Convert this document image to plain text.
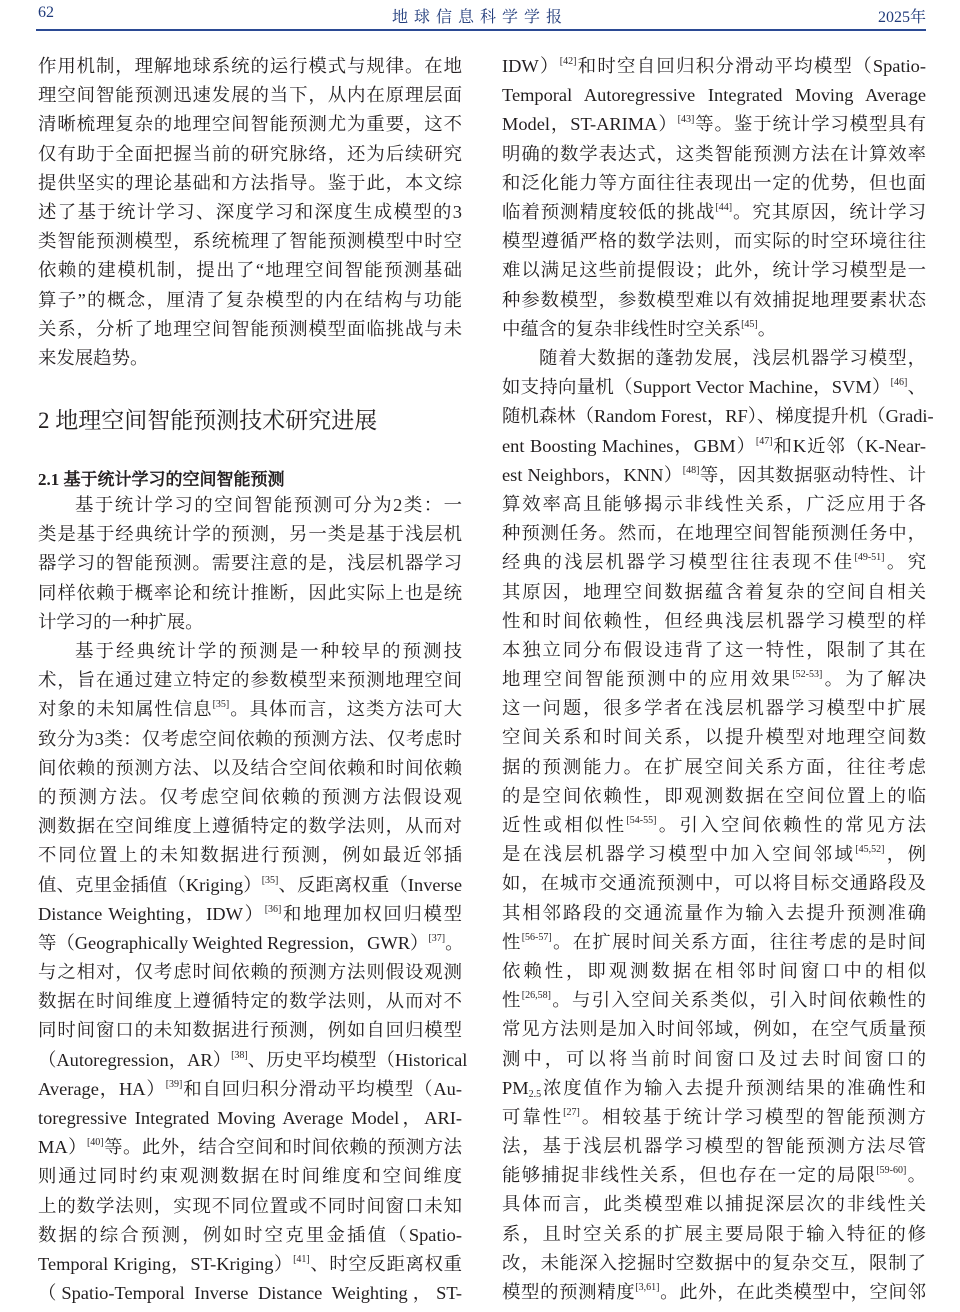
62	地球信息科学学报	2025年
作用机制，理解地球系统的运行模式与规律。在地
理空间智能预测迅速发展的当下，从内在原理层面
清晰梳理复杂的地理空间智能预测尤为重要，这不
仅有助于全面把握当前的研究脉络，还为后续研究
提供坚实的理论基础和方法指导。鉴于此，本文综
述了基于统计学习、深度学习和深度生成模型的3
类智能预测模型，系统梳理了智能预测模型中时空
依赖的建模机制，提出了“地理空间智能预测基础
算子”的概念，厘清了复杂模型的内在结构与功能
关系，分析了地理空间智能预测模型面临挑战与未
来发展趋势。
2 地理空间智能预测技术研究进展
2.1 基于统计学习的空间智能预测
基于统计学习的空间智能预测可分为2类：一
类是基于经典统计学的预测，另一类是基于浅层机
器学习的智能预测。需要注意的是，浅层机器学习
同样依赖于概率论和统计推断，因此实际上也是统
计学习的一种扩展。
基于经典统计学的预测是一种较早的预测技
术，旨在通过建立特定的参数模型来预测地理空间
对象的未知属性信息[35]。具体而言，这类方法可大
致分为3类：仅考虑空间依赖的预测方法、仅考虑时
间依赖的预测方法、以及结合空间依赖和时间依赖
的预测方法。仅考虑空间依赖的预测方法假设观
测数据在空间维度上遵循特定的数学法则，从而对
不同位置上的未知数据进行预测，例如最近邻插
值、克里金插值（Kriging）[35]、反距离权重（Inverse
Distance Weighting，IDW）[36]和地理加权回归模型
等（Geographically Weighted Regression，GWR）[37]。
与之相对，仅考虑时间依赖的预测方法则假设观测
数据在时间维度上遵循特定的数学法则，从而对不
同时间窗口的未知数据进行预测，例如自回归模型
（Autoregression，AR）[38]、历史平均模型（Historical
Average，HA）[39]和自回归积分滑动平均模型（Au-
toregressive Integrated Moving Average Model，ARI-
MA）[40]等。此外，结合空间和时间依赖的预测方法
则通过同时约束观测数据在时间维度和空间维度
上的数学法则，实现不同位置或不同时间窗口未知
数据的综合预测，例如时空克里金插值（Spatio-
Temporal Kriging，ST-Kriging）[41]、时空反距离权重
（Spatio-Temporal Inverse Distance Weighting，ST-
IDW）[42]和时空自回归积分滑动平均模型（Spatio-
Temporal Autoregressive Integrated Moving Average
Model，ST-ARIMA）[43]等。鉴于统计学习模型具有
明确的数学表达式，这类智能预测方法在计算效率
和泛化能力等方面往往表现出一定的优势，但也面
临着预测精度较低的挑战[44]。究其原因，统计学习
模型遵循严格的数学法则，而实际的时空环境往往
难以满足这些前提假设；此外，统计学习模型是一
种参数模型，参数模型难以有效捕捉地理要素状态
中蕴含的复杂非线性时空关系[45]。
随着大数据的蓬勃发展，浅层机器学习模型，
如支持向量机（Support Vector Machine，SVM）[46]、
随机森林（Random Forest，RF）、梯度提升机（Gradi-
ent Boosting Machines，GBM）[47]和K近邻（K-Near-
est Neighbors，KNN）[48]等，因其数据驱动特性、计
算效率高且能够揭示非线性关系，广泛应用于各
种预测任务。然而，在地理空间智能预测任务中，
经典的浅层机器学习模型往往表现不佳[49-51]。究
其原因，地理空间数据蕴含着复杂的空间自相关
性和时间依赖性，但经典浅层机器学习模型的样
本独立同分布假设违背了这一特性，限制了其在
地理空间智能预测中的应用效果[52-53]。为了解决
这一问题，很多学者在浅层机器学习模型中扩展
空间关系和时间关系，以提升模型对地理空间数
据的预测能力。在扩展空间关系方面，往往考虑
的是空间依赖性，即观测数据在空间位置上的临
近性或相似性[54-55]。引入空间依赖性的常见方法
是在浅层机器学习模型中加入空间邻域[45,52]，例
如，在城市交通流预测中，可以将目标交通路段及
其相邻路段的交通流量作为输入去提升预测准确
性[56-57]。在扩展时间关系方面，往往考虑的是时间
依赖性，即观测数据在相邻时间窗口中的相似
性[26,58]。与引入空间关系类似，引入时间依赖性的
常见方法则是加入时间邻域，例如，在空气质量预
测中，可以将当前时间窗口及过去时间窗口的
$PM_{2.5}$浓度值作为输入去提升预测结果的准确性和
可靠性[27]。相较基于统计学习模型的智能预测方
法，基于浅层机器学习模型的智能预测方法尽管
能够捕捉非线性关系，但也存在一定的局限[59-60]。
具体而言，此类模型难以捕捉深层次的非线性关
系，且时空关系的扩展主要局限于输入特征的修
改，未能深入挖掘时空数据中的复杂交互，限制了
模型的预测精度[3,61]。此外，在此类模型中，空间邻
